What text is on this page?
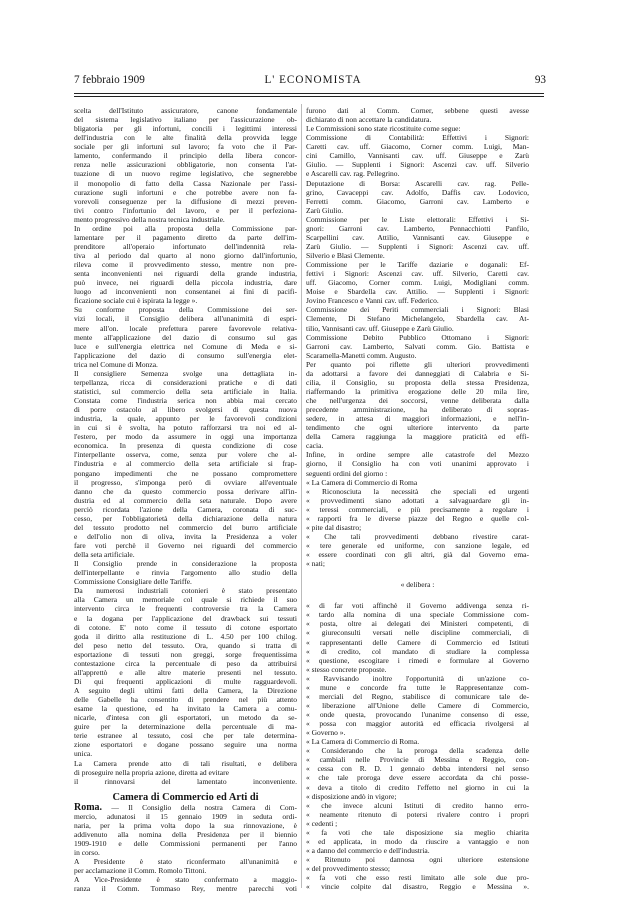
7 febbraio 1909	L' ECONOMISTA	93
scelta dell'Istituto assicuratore, canone fondamentale
del sistema legislativo italiano per l'assicurazione ob-
bligatoria per gli infortuni, concili i legittimi interessi
dell'industria con le alte finalità della provvida legge
sociale per gli infortuni sul lavoro; fa voto che il Par-
lamento, confermando il principio della libera concor-
renza nelle assicurazioni obbligatorie, non consenta l'at-
tuazione di un nuovo regime legislativo, che segnerebbe
il monopolio di fatto della Cassa Nazionale per l'assi-
curazione sugli infortuni e che potrebbe avere non fa-
vorevoli conseguenze per la diffusione di mezzi preven-
tivi contro l'infortunio del lavoro, e per il perfeziona-
mento progressivo della nostra tecnica industriale.
In ordine poi alla proposta della Commissione par-
lamentare per il pagamento diretto da parte dell'im-
prenditore all'operaio infortunato dell'indennità rela-
tiva al periodo dal quarto al nono giorno dall'infortunio,
rileva come il provvedimento stesso, mentre non pre-
senta inconvenienti nei riguardi della grande industria,
può invece, nei riguardi della piccola industria, dare
luogo ad inconvenienti non consentanei ai fini di pacifi-
ficazione sociale cui è ispirata la legge ».
Su conforme proposta della Commissione dei ser-
vizi locali, il Consiglio delibera all'unanimità di espri-
mere all'on. locale prefettura parere favorevole relativa-
mente all'applicazione del dazio di consumo sul gas
luce e sull'energia elettrica nel Comune di Meda e si-
l'applicazione del dazio di consumo sull'energia elet-
trica nel Comune di Monza.
Il consigliere Semenza svolge una dettagliata in-
terpellanza, ricca di considerazioni pratiche e di dati
statistici, sul commercio della seta artificiale in Italia.
Constata come l'industria serica non abbia mai cercato
di porre ostacolo al libero svolgersi di questa nuova
industria, la quale, appunto per le favorevoli condizioni
in cui si è svolta, ha potuto rafforzarsi tra noi ed al-
l'estero, per modo da assumere in oggi una importanza
economica. In presenza di questa condizione di cose
l'interpellante osserva, come, senza pur volere che al-
l'industria e al commercio della seta artificiale si frap-
pongano impedimenti che ne possano compromettere
il progresso, s'imponga però di ovviare all'eventuale
danno che da questo commercio possa derivare all'in-
dustria ed al commercio della seta naturale. Dopo avere
perciò ricordata l'azione della Camera, coronata di suc-
cesso, per l'obbligatorietà della dichiarazione della natura
del tessuto prodotto nel commercio del burro artificiale
e dell'olio non di oliva, invita la Presidenza a voler
fare voti perchè il Governo nei riguardi del commercio
della seta artificiale.
Il Consiglio prende in considerazione la proposta
dell'interpellante e rinvia l'argomento allo studio della
Commissione Consigliare delle Tariffe.
Da numerosi industriali cotonieri è stato presentato
alla Camera un memoriale col quale si richiede il suo
intervento circa le frequenti controversie tra la Camera
e la dogana per l'applicazione del drawback sui tessuti
di cotone. E' noto come il tessuto di cotone esportato
goda il diritto alla restituzione di L. 4.50 per 100 chilog.
del peso netto del tessuto. Ora, quando si tratta di
esportazione di tessuti non greggi, sorge frequentissima
contestazione circa la percentuale di peso da attribuirsi
all'apprettò e alle altre materie presenti nel tessuto.
Di qui frequenti applicazioni di multe ragguardevoli.
A seguito degli ultimi fatti della Camera, la Direzione
delle Gabelle ha consentito di prendere nel più attento
esame la questione, ed ha invitato la Camera a comu-
nicarle, d'intesa con gli esportatori, un metodo da se-
guire per la determinazione della percentuale di ma-
terie estranee al tessuto, così che per tale determina-
zione esportatori e dogane possano seguire una norma
unica.
La Camera prende atto di tali risultati, e delibera
di proseguire nella propria azione, diretta ad evitare
il rinnovarsi del lamentato inconveniente.
Camera di Commercio ed Arti di
Roma. — Il Consiglio della nostra Camera di Com-
mercio, adunatosi il 15 gennaio 1909 in seduta ordi-
naria, per la prima volta dopo la sua rinnovazione, è
addivenuto alla nomina della Presidenza per il biennio
1909-1910 e delle Commissioni permanenti per l'anno
in corso.
A Presidente è stato riconfermato all'unanimità e
per acclamazione il Comm. Romolo Tittoni.
A Vice-Presidente è stato confermato a maggio-
ranza il Comm. Tommaso Rey, mentre parecchi voti
furono dati al Comm. Corner, sebbene questi avesse
dichiarato di non accettare la candidatura.
Le Commissioni sono state ricostituite come segue:
Commissione di Contabilità: Effettivi i Signori:
Caretti cav. uff. Giacomo, Corner comm. Luigi, Man-
cini Camillo, Vannisanti cav. uff. Giuseppe e Zarù
Giulio. — Supplenti i Signori: Ascenzi cav. uff. Silverio
e Ascarelli cav. rag. Pellegrino.
Deputazione di Borsa: Ascarelli cav. rag. Pelle-
grino, Cavaceppi cav. Adolfo, Daffis cav. Lodovico,
Ferretti comm. Giacomo, Garroni cav. Lamberto e
Zarù Giulio.
Commissione per le Liste elettorali: Effettivi i Si-
gnori: Garroni cav. Lamberto, Pennacchiotti Panfilo,
Scarpellini cav. Attilio, Vannisanti cav. Giuseppe e
Zarù Giulio. — Supplenti i Signori: Ascenzi cav. uff.
Silverio e Blasi Clemente.
Commissione per le Tariffe daziarie e doganali: Ef-
fettivi i Signori: Ascenzi cav. uff. Silverio, Caretti cav.
uff. Giacomo, Corner comm. Luigi, Modigliani comm.
Moise e Sbardella cav. Attilio. — Supplenti i Signori:
Jovino Francesco e Vanni cav. uff. Federico.
Commissione dei Periti commerciali i Signori: Blasi
Clemente, Di Stefano Michelangelo, Sbardella cav. At-
tilio, Vannisanti cav. uff. Giuseppe e Zarù Giulio.
Commissione Debito Pubblico Ottomano i Signori:
Garroni cav. Lamberto, Salvati comm. Gio. Battista e
Scaramella-Manetti comm. Augusto.
Per quanto poi riflette gli ulteriori provvedimenti
da adottarsi a favore dei danneggiati di Calabria e Si-
cilia, il Consiglio, su proposta della stessa Presidenza,
riaffermando la primitiva erogazione delle 20 mila lire,
che nell'urgenza dei soccorsi, venne deliberata dalla
precedente amministrazione, ha deliberato di sopras-
sedere, in attesa di maggiori informazioni, e nell'in-
tendimento che ogni ulteriore intervento da parte
della Camera raggiunga la maggiore praticità ed effi-
cacia.
Infine, in ordine sempre alle catastrofe del Mezzo
giorno, il Consiglio ha con voti unanimi approvato i
seguenti ordini del giorno :
« La Camera di Commercio di Roma
« Riconosciuta la necessità che speciali ed urgenti
« provvedimenti siano adottati a salvaguardare gli in-
« teressi commerciali, e più precisamente a regolare i
« rapporti fra le diverse piazze del Regno e quelle col-
« pite dal disastro;
« Che tali provvedimenti debbano rivestire carat-
« tere generale ed uniforme, con sanzione legale, ed
« essere coordinati con gli altri, già dal Governo ema-
« nati;
« delibera :
« di far voti affinchè il Governo addivenga senza ri-
« tardo alla nomina di una speciale Commissione com-
« posta, oltre ai delegati dei Ministeri competenti, di
« giureconsulti versati nelle discipline commerciali, di
« rappresentanti delle Camere di Commercio ed Istituti
« di credito, col mandato di studiare la complessa
« questione, escogitare i rimedi e formulare al Governo
« stesso concrete proposte.
« Ravvisando inoltre l'opportunità di un'azione co-
« mune e concorde fra tutte le Rappresentanze com-
« merciali del Regno, stabilisce di comunicare tale de-
« liberazione all'Unione delle Camere di Commercio,
« onde questa, provocando l'unanime consenso di esse,
« possa con maggior autorità ed efficacia rivolgersi al
« Governo ».
« La Camera di Commercio di Roma.
« Considerando che la proroga della scadenza delle
« cambiali nelle Provincie di Messina e Reggio, con-
« cessa con R. D. 1 gennaio debba intendersi nel senso
« che tale proroga deve essere accordata da chi posse-
« deva a titolo di credito l'effetto nel giorno in cui la
« disposizione andò in vigore;
« che invece alcuni Istituti di credito hanno erro-
« neamente ritenuto di potersi rivalere contro i propri
« cedenti ;
« fa voti che tale disposizione sia meglio chiarita
« ed applicata, in modo da riuscire a vantaggio e non
« a danno del commercio e dell'industria.
« Ritenuto poi dannosa ogni ulteriore estensione
« del provvedimento stesso;
« fa voti che esso resti limitato alle sole due pro-
« vincie colpite dal disastro, Reggio e Messina ».
